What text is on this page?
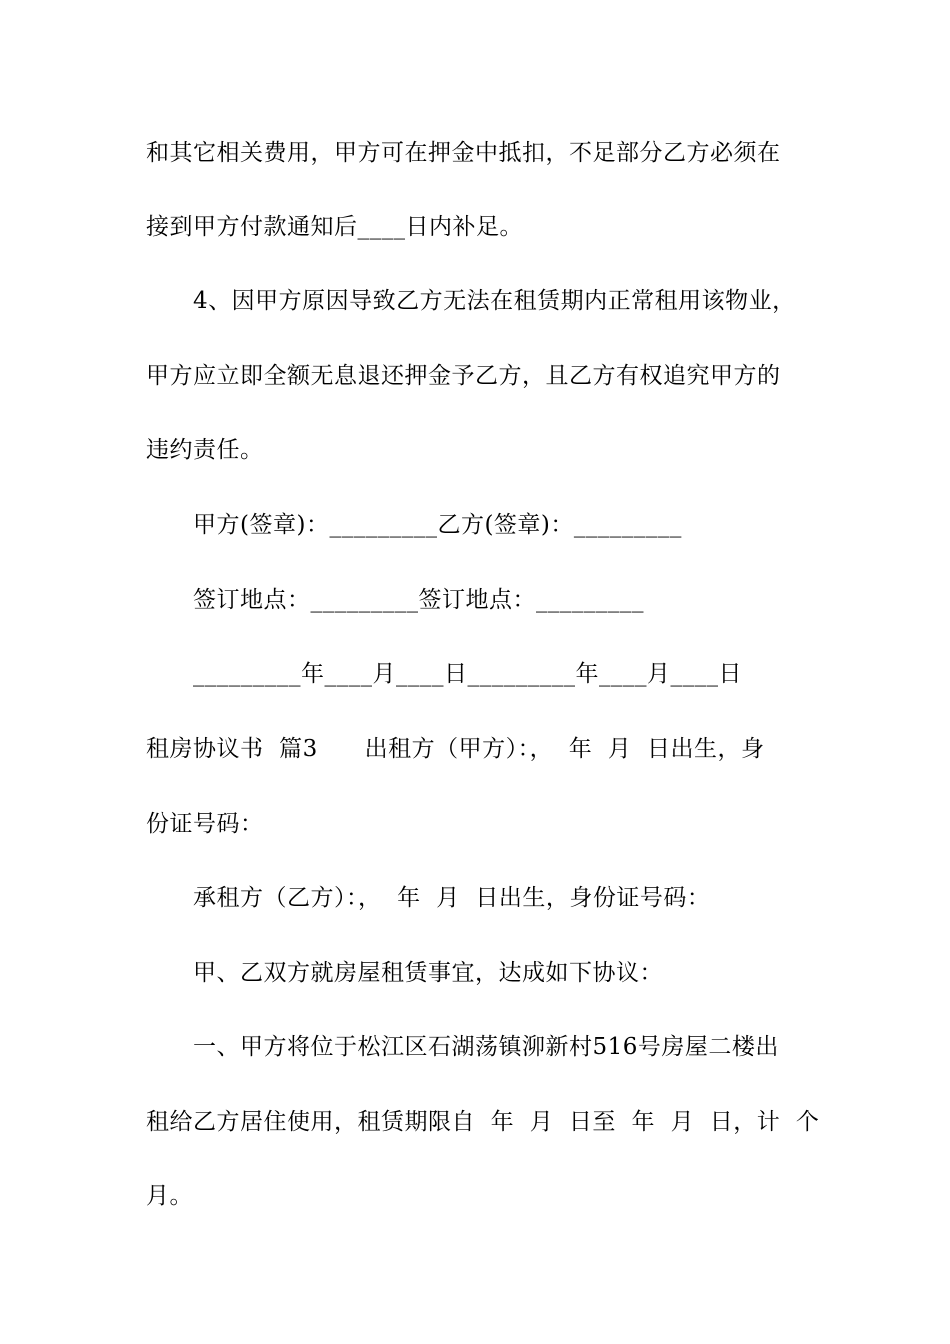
和其它相关费用，甲方可在押金中抵扣，不足部分乙方必须在
接到甲方付款通知后____日内补足。
4、因甲方原因导致乙方无法在租赁期内正常租用该物业，
甲方应立即全额无息退还押金予乙方，且乙方有权追究甲方的
违约责任。
甲方(签章)：_________乙方(签章)：_________
签订地点：_________签订地点：_________
_________年____月____日_________年____月____日
租房协议书  篇3      出租方（甲方）：，  年  月  日出生，身
份证号码：
承租方（乙方）：，  年  月  日出生，身份证号码：
甲、乙双方就房屋租赁事宜，达成如下协议：
一、甲方将位于松江区石湖荡镇泖新村516号房屋二楼出
租给乙方居住使用，租赁期限自  年  月  日至  年  月  日，计  个
月。
